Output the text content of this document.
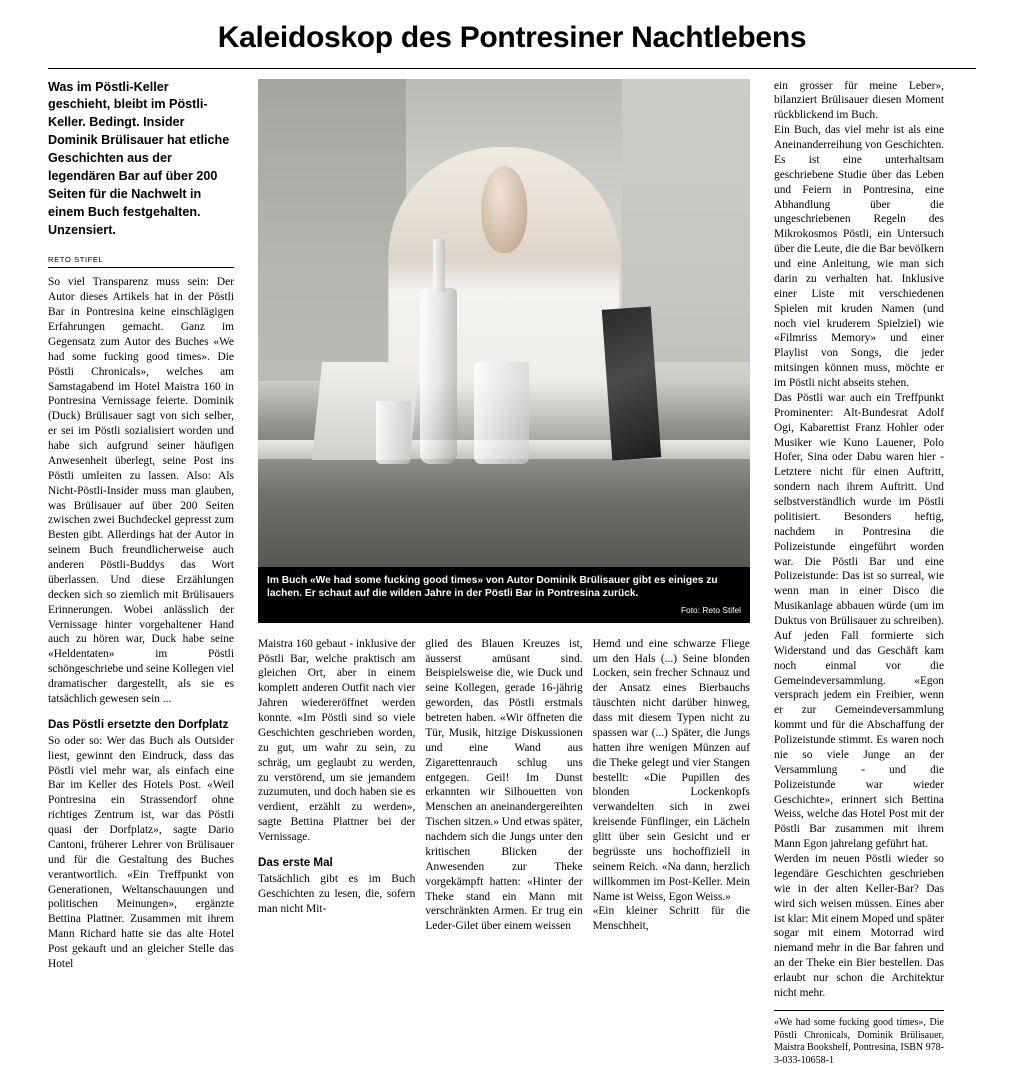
Kaleidoskop des Pontresiner Nachtlebens

Was im Pöstli-Keller geschieht, bleibt im Pöstli-Keller. Bedingt. Insider Dominik Brülisauer hat etliche Geschichten aus der legendären Bar auf über 200 Seiten für die Nachwelt in einem Buch festgehalten. Unzensiert.

RETO STIFEL

So viel Transparenz muss sein: Der Autor dieses Artikels hat in der Pöstli Bar in Pontresina keine einschlägigen Erfahrungen gemacht. Ganz im Gegensatz zum Autor des Buches «We had some fucking good times». Die Pöstli Chronicals», welches am Samstagabend im Hotel Maistra 160 in Pontresina Vernissage feierte. Dominik (Duck) Brülisauer sagt von sich selber, er sei im Pöstli sozialisiert worden und habe sich aufgrund seiner häufigen Anwesenheit überlegt, seine Post ins Pöstli umleiten zu lassen. Also: Als Nicht-Pöstli-Insider muss man glauben, was Brülisauer auf über 200 Seiten zwischen zwei Buchdeckel gepresst zum Besten gibt. Allerdings hat der Autor in seinem Buch freundlicherweise auch anderen Pöstli-Buddys das Wort überlassen. Und diese Erzählungen decken sich so ziemlich mit Brülisauers Erinnerungen. Wobei anlässlich der Vernissage hinter vorgehaltener Hand auch zu hören war, Duck habe seine «Heldentaten» im Pöstli schöngeschriebe und seine Kollegen viel dramatischer dargestellt, als sie es tatsächlich gewesen sein ...

Das Pöstli ersetzte den Dorfplatz

So oder so: Wer das Buch als Outsider liest, gewinnt den Eindruck, dass das Pöstli viel mehr war, als einfach eine Bar im Keller des Hotels Post. «Weil Pontresina ein Strassendorf ohne richtiges Zentrum ist, war das Pöstli quasi der Dorfplatz», sagte Dario Cantoni, früherer Lehrer von Brülisauer und für die Gestaltung des Buches verantwortlich. «Ein Treffpunkt von Generationen, Weltanschauungen und politischen Meinungen», ergänzte Bettina Plattner. Zusammen mit ihrem Mann Richard hatte sie das alte Hotel Post gekauft und an gleicher Stelle das Hotel

Im Buch «We had some fucking good times» von Autor Dominik Brülisauer gibt es einiges zu lachen. Er schaut auf die wilden Jahre in der Pöstli Bar in Pontresina zurück.

Foto: Reto Stifel

Maistra 160 gebaut - inklusive der Pöstli Bar, welche praktisch am gleichen Ort, aber in einem komplett anderen Outfit nach vier Jahren wiedereröffnet werden konnte. «Im Pöstli sind so viele Geschichten geschrieben worden, zu gut, um wahr zu sein, zu schräg, um geglaubt zu werden, zu verstörend, um sie jemandem zuzumuten, und doch haben sie es verdient, erzählt zu werden», sagte Bettina Plattner bei der Vernissage.

Das erste Mal

Tatsächlich gibt es im Buch Geschichten zu lesen, die, sofern man nicht Mit-

glied des Blauen Kreuzes ist, äusserst amüsant sind. Beispielsweise die, wie Duck und seine Kollegen, gerade 16-jährig geworden, das Pöstli erstmals betreten haben. «Wir öffneten die Tür, Musik, hitzige Diskussionen und eine Wand aus Zigarettenrauch schlug uns entgegen. Geil! Im Dunst erkannten wir Silhouetten von Menschen an aneinandergereihten Tischen sitzen.» Und etwas später, nachdem sich die Jungs unter den kritischen Blicken der Anwesenden zur Theke vorgekämpft hatten: «Hinter der Theke stand ein Mann mit verschränkten Armen. Er trug ein Leder-Gilet über einem weissen

Hemd und eine schwarze Fliege um den Hals (...) Seine blonden Locken, sein frecher Schnauz und der Ansatz eines Bierbauchs täuschten nicht darüber hinweg, dass mit diesem Typen nicht zu spassen war (...) Später, die Jungs hatten ihre wenigen Münzen auf die Theke gelegt und vier Stangen bestellt: «Die Pupillen des blonden Lockenkopfs verwandelten sich in zwei kreisende Fünflinger, ein Lächeln glitt über sein Gesicht und er begrüsste uns hochoffiziell in seinem Reich. «Na dann, herzlich willkommen im Post-Keller. Mein Name ist Weiss, Egon Weiss.»

«Ein kleiner Schritt für die Menschheit,

ein grosser für meine Leber», bilanziert Brülisauer diesen Moment rückblickend im Buch.

Ein Buch, das viel mehr ist als eine Aneinanderreihung von Geschichten. Es ist eine unterhaltsam geschriebene Studie über das Leben und Feiern in Pontresina, eine Abhandlung über die ungeschriebenen Regeln des Mikrokosmos Pöstli, ein Untersuch über die Leute, die die Bar bevölkern und eine Anleitung, wie man sich darin zu verhalten hat. Inklusive einer Liste mit verschiedenen Spielen mit kruden Namen (und noch viel kruderem Spielziel) wie «Filmriss Memory» und einer Playlist von Songs, die jeder mitsingen können muss, möchte er im Pöstli nicht abseits stehen.

Das Pöstli war auch ein Treffpunkt Prominenter: Alt-Bundesrat Adolf Ogi, Kabarettist Franz Hohler oder Musiker wie Kuno Lauener, Polo Hofer, Sina oder Dabu waren hier - Letztere nicht für einen Auftritt, sondern nach ihrem Auftritt. Und selbstverständlich wurde im Pöstli politisiert. Besonders heftig, nachdem in Pontresina die Polizeistunde eingeführt worden war. Die Pöstli Bar und eine Polizeistunde: Das ist so surreal, wie wenn man in einer Disco die Musikanlage abbauen würde (um im Duktus von Brülisauer zu schreiben). Auf jeden Fall formierte sich Widerstand und das Geschäft kam noch einmal vor die Gemeindeversammlung. «Egon versprach jedem ein Freibier, wenn er zur Gemeindeversammlung kommt und für die Abschaffung der Polizeistunde stimmt. Es waren noch nie so viele Junge an der Versammlung - und die Polizeistunde war wieder Geschichte», erinnert sich Bettina Weiss, welche das Hotel Post mit der Pöstli Bar zusammen mit ihrem Mann Egon jahrelang geführt hat.

Werden im neuen Pöstli wieder so legendäre Geschichten geschrieben wie in der alten Keller-Bar? Das wird sich weisen müssen. Eines aber ist klar: Mit einem Moped und später sogar mit einem Motorrad wird niemand mehr in die Bar fahren und an der Theke ein Bier bestellen. Das erlaubt nur schon die Architektur nicht mehr.

«We had some fucking good times», Die Pöstli Chronicals, Dominik Brülisauer, Maistra Bookshelf, Pontresina, ISBN 978-3-033-10658-1
